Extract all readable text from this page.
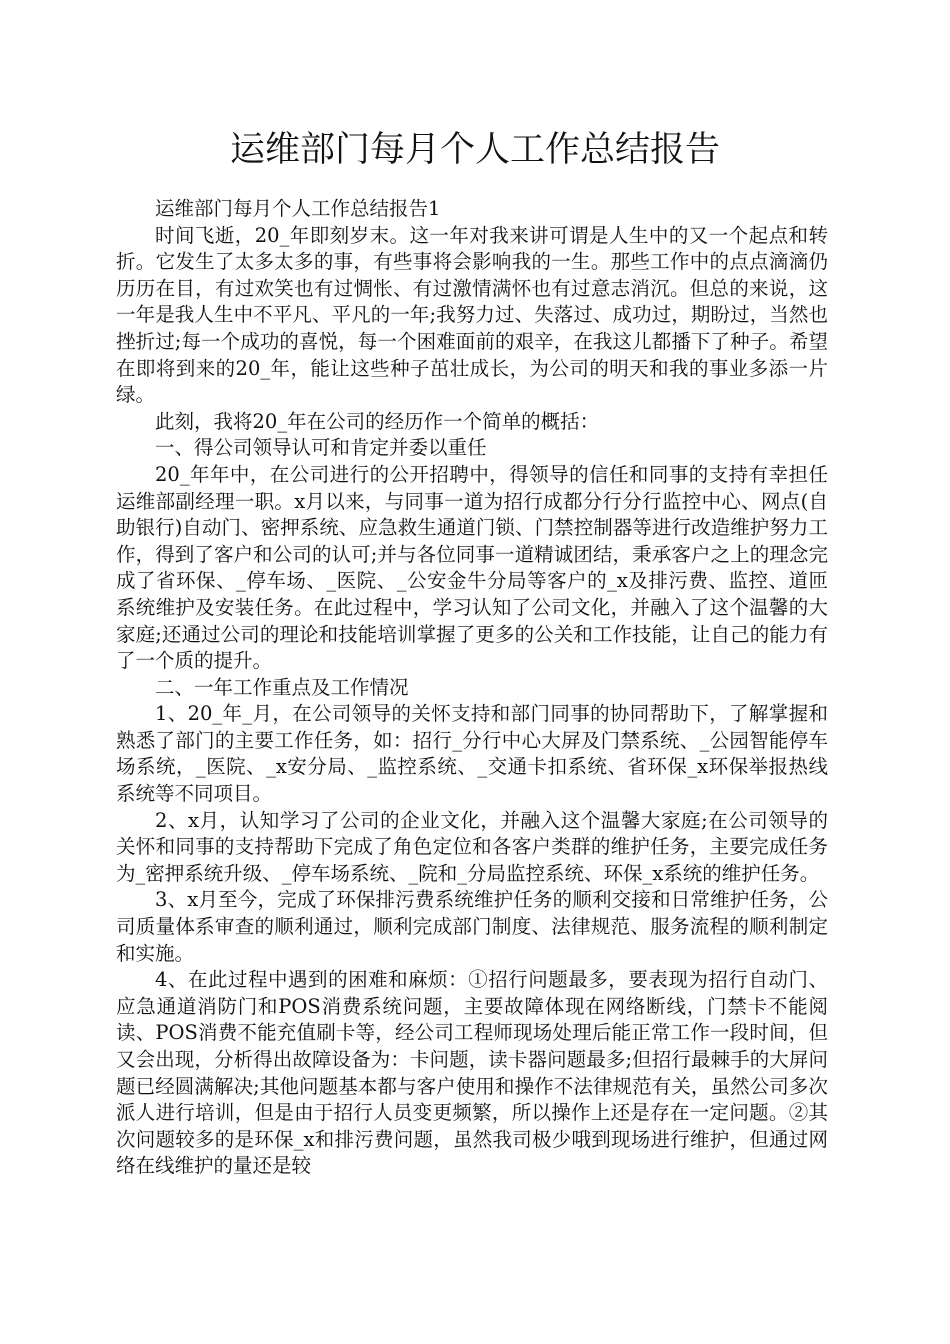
运维部门每月个人工作总结报告

运维部门每月个人工作总结报告1

时间飞逝，20_年即刻岁末。这一年对我来讲可谓是人生中的又一个起点和转折。它发生了太多太多的事，有些事将会影响我的一生。那些工作中的点点滴滴仍历历在目，有过欢笑也有过惆怅、有过激情满怀也有过意志消沉。但总的来说，这一年是我人生中不平凡、平凡的一年;我努力过、失落过、成功过，期盼过，当然也挫折过;每一个成功的喜悦，每一个困难面前的艰辛，在我这儿都播下了种子。希望在即将到来的20_年，能让这些种子茁壮成长，为公司的明天和我的事业多添一片绿。

此刻，我将20_年在公司的经历作一个简单的概括：

一、得公司领导认可和肯定并委以重任

20_年年中，在公司进行的公开招聘中，得领导的信任和同事的支持有幸担任运维部副经理一职。x月以来，与同事一道为招行成都分行分行监控中心、网点(自助银行)自动门、密押系统、应急救生通道门锁、门禁控制器等进行改造维护努力工作，得到了客户和公司的认可;并与各位同事一道精诚团结，秉承客户之上的理念完成了省环保、_停车场、_医院、_公安金牛分局等客户的_x及排污费、监控、道匝系统维护及安装任务。在此过程中，学习认知了公司文化，并融入了这个温馨的大家庭;还通过公司的理论和技能培训掌握了更多的公关和工作技能，让自己的能力有了一个质的提升。

二、一年工作重点及工作情况

1、20_年_月，在公司领导的关怀支持和部门同事的协同帮助下，了解掌握和熟悉了部门的主要工作任务，如：招行_分行中心大屏及门禁系统、_公园智能停车场系统，_医院、_x安分局、_监控系统、_交通卡扣系统、省环保_x环保举报热线系统等不同项目。

2、x月，认知学习了公司的企业文化，并融入这个温馨大家庭;在公司领导的关怀和同事的支持帮助下完成了角色定位和各客户类群的维护任务，主要完成任务为_密押系统升级、_停车场系统、_院和_分局监控系统、环保_x系统的维护任务。

3、x月至今，完成了环保排污费系统维护任务的顺利交接和日常维护任务，公司质量体系审查的顺利通过，顺利完成部门制度、法律规范、服务流程的顺利制定和实施。

4、在此过程中遇到的困难和麻烦：①招行问题最多，要表现为招行自动门、应急通道消防门和POS消费系统问题，主要故障体现在网络断线，门禁卡不能阅读、POS消费不能充值刷卡等，经公司工程师现场处理后能正常工作一段时间，但又会出现，分析得出故障设备为：卡问题，读卡器问题最多;但招行最棘手的大屏问题已经圆满解决;其他问题基本都与客户使用和操作不法律规范有关，虽然公司多次派人进行培训，但是由于招行人员变更频繁，所以操作上还是存在一定问题。②其次问题较多的是环保_x和排污费问题，虽然我司极少哦到现场进行维护，但通过网络在线维护的量还是较
